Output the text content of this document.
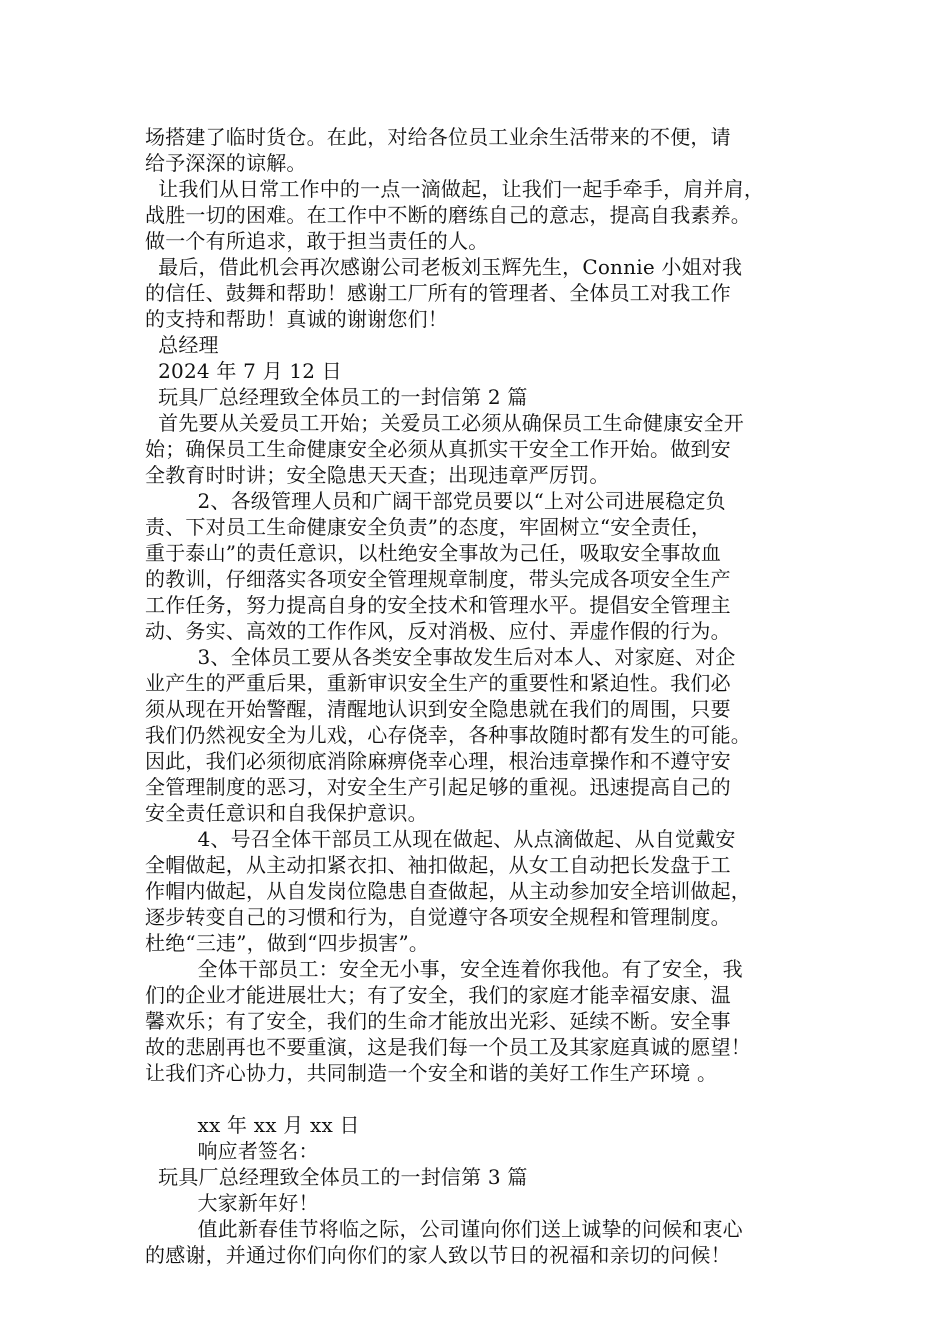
场搭建了临时货仓。在此，对给各位员工业余生活带来的不便，请
给予深深的谅解。
让我们从日常工作中的一点一滴做起，让我们一起手牵手，肩并肩，
战胜一切的困难。在工作中不断的磨练自己的意志，提高自我素养。
做一个有所追求，敢于担当责任的人。
最后，借此机会再次感谢公司老板刘玉辉先生，Connie 小姐对我
的信任、鼓舞和帮助！感谢工厂所有的管理者、全体员工对我工作
的支持和帮助！真诚的谢谢您们！
总经理
2024 年 7 月 12 日
玩具厂总经理致全体员工的一封信第 2 篇
首先要从关爱员工开始；关爱员工必须从确保员工生命健康安全开
始；确保员工生命健康安全必须从真抓实干安全工作开始。做到安
全教育时时讲；安全隐患天天查；出现违章严厉罚。
2、各级管理人员和广阔干部党员要以“上对公司进展稳定负
责、下对员工生命健康安全负责”的态度，牢固树立“安全责任，
重于泰山”的责任意识，以杜绝安全事故为己任，吸取安全事故血
的教训，仔细落实各项安全管理规章制度，带头完成各项安全生产
工作任务，努力提高自身的安全技术和管理水平。提倡安全管理主
动、务实、高效的工作作风，反对消极、应付、弄虚作假的行为。
3、全体员工要从各类安全事故发生后对本人、对家庭、对企
业产生的严重后果，重新审识安全生产的重要性和紧迫性。我们必
须从现在开始警醒，清醒地认识到安全隐患就在我们的周围，只要
我们仍然视安全为儿戏，心存侥幸，各种事故随时都有发生的可能。
因此，我们必须彻底消除麻痹侥幸心理，根治违章操作和不遵守安
全管理制度的恶习，对安全生产引起足够的重视。迅速提高自己的
安全责任意识和自我保护意识。
4、号召全体干部员工从现在做起、从点滴做起、从自觉戴安
全帽做起，从主动扣紧衣扣、袖扣做起，从女工自动把长发盘于工
作帽内做起，从自发岗位隐患自查做起，从主动参加安全培训做起，
逐步转变自己的习惯和行为，自觉遵守各项安全规程和管理制度。
杜绝“三违”，做到“四步损害”。
全体干部员工：安全无小事，安全连着你我他。有了安全，我
们的企业才能进展壮大；有了安全，我们的家庭才能幸福安康、温
馨欢乐；有了安全，我们的生命才能放出光彩、延续不断。安全事
故的悲剧再也不要重演，这是我们每一个员工及其家庭真诚的愿望！
让我们齐心协力，共同制造一个安全和谐的美好工作生产环境 。
xx 年 xx 月 xx 日
响应者签名：
玩具厂总经理致全体员工的一封信第 3 篇
大家新年好！
值此新春佳节将临之际，公司谨向你们送上诚挚的问候和衷心
的感谢，并通过你们向你们的家人致以节日的祝福和亲切的问候！
